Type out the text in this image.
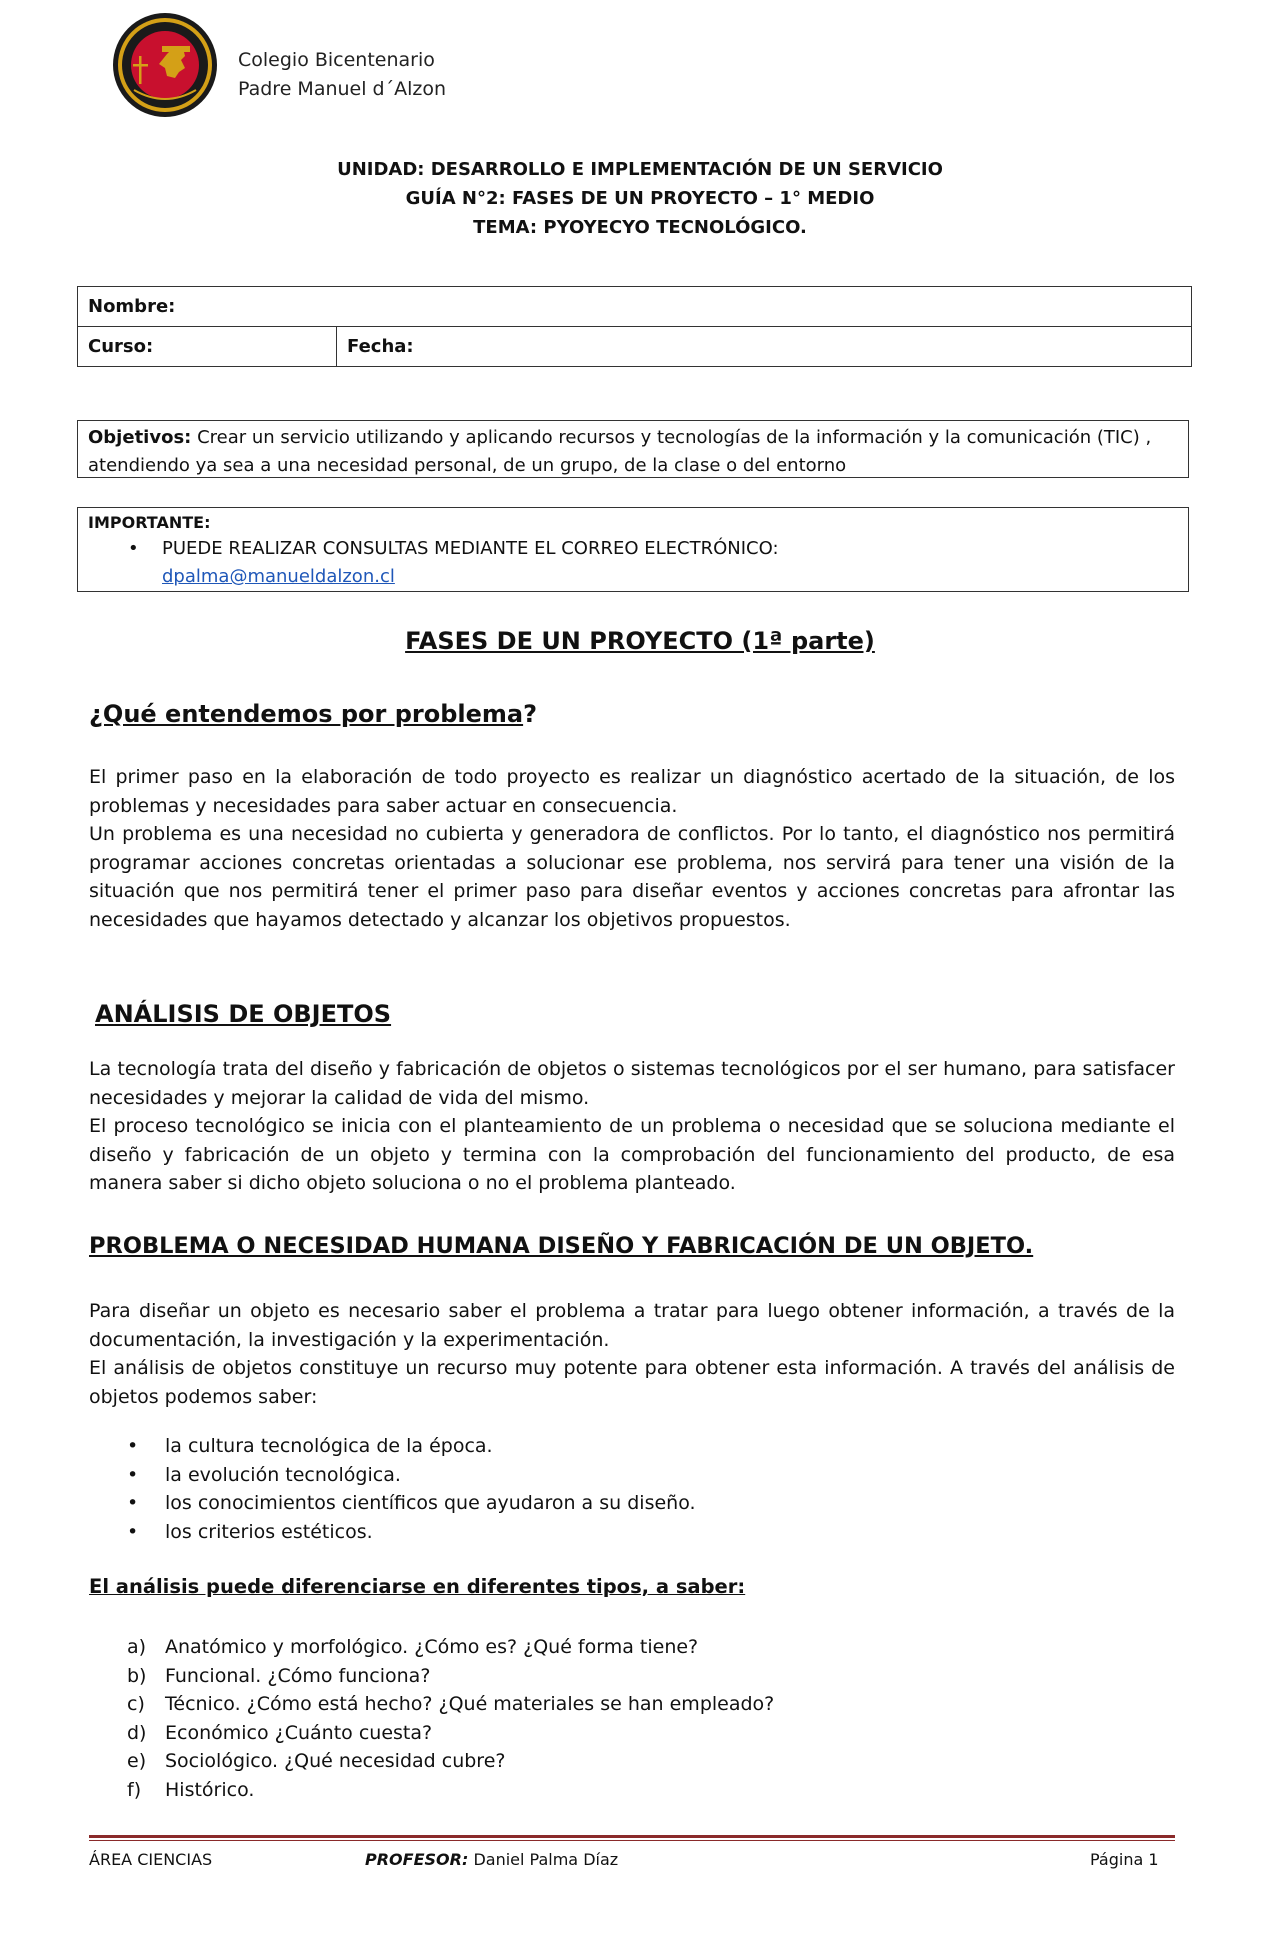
Colegio Bicentenario
Padre Manuel d´Alzon
UNIDAD: DESARROLLO E IMPLEMENTACIÓN DE UN SERVICIO
GUÍA N°2: FASES DE UN PROYECTO – 1° MEDIO
TEMA: PYOYECYO TECNOLÓGICO.
Nombre:
Curso:	Fecha:
Objetivos: Crear un servicio utilizando y aplicando recursos y tecnologías de la información y la comunicación (TIC) , atendiendo ya sea a una necesidad personal, de un grupo, de la clase o del entorno
IMPORTANTE:
• PUEDE REALIZAR CONSULTAS MEDIANTE EL CORREO ELECTRÓNICO:
dpalma@manueldalzon.cl
FASES DE UN PROYECTO (1ª parte)
¿Qué entendemos por problema?

El primer paso en la elaboración de todo proyecto es realizar un diagnóstico acertado de la situación, de los problemas y necesidades para saber actuar en consecuencia.

Un problema es una necesidad no cubierta y generadora de conflictos. Por lo tanto, el diagnóstico nos permitirá programar acciones concretas orientadas a solucionar ese problema, nos servirá para tener una visión de la situación que nos permitirá tener el primer paso para diseñar eventos y acciones concretas para afrontar las necesidades que hayamos detectado y alcanzar los objetivos propuestos.

ANÁLISIS DE OBJETOS

La tecnología trata del diseño y fabricación de objetos o sistemas tecnológicos por el ser humano, para satisfacer necesidades y mejorar la calidad de vida del mismo.

El proceso tecnológico se inicia con el planteamiento de un problema o necesidad que se soluciona mediante el diseño y fabricación de un objeto y termina con la comprobación del funcionamiento del producto, de esa manera saber si dicho objeto soluciona o no el problema planteado.

PROBLEMA O NECESIDAD HUMANA DISEÑO Y FABRICACIÓN DE UN OBJETO.

Para diseñar un objeto es necesario saber el problema a tratar para luego obtener información, a través de la documentación, la investigación y la experimentación.

El análisis de objetos constituye un recurso muy potente para obtener esta información. A través del análisis de objetos podemos saber:

• la cultura tecnológica de la época.
• la evolución tecnológica.
• los conocimientos científicos que ayudaron a su diseño.
• los criterios estéticos.
El análisis puede diferenciarse en diferentes tipos, a saber:
a) Anatómico y morfológico. ¿Cómo es? ¿Qué forma tiene?
b) Funcional. ¿Cómo funciona?
c) Técnico. ¿Cómo está hecho? ¿Qué materiales se han empleado?
d) Económico ¿Cuánto cuesta?
e) Sociológico. ¿Qué necesidad cubre?
f) Histórico.
ÁREA CIENCIAS	PROFESOR: Daniel Palma Díaz	Página 1
